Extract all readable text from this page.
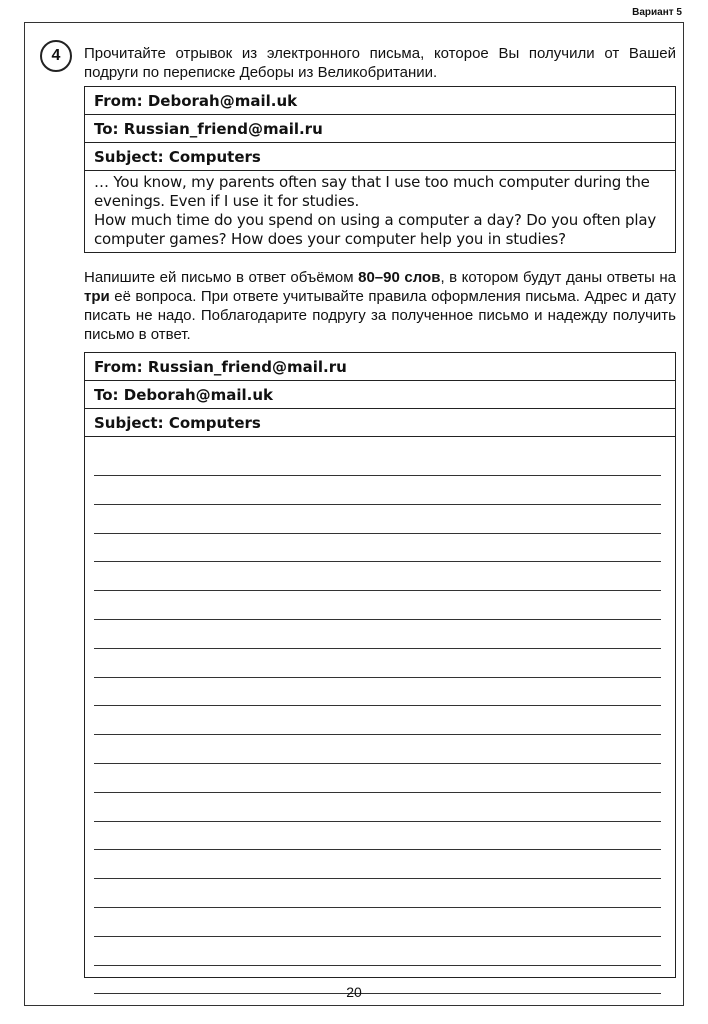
Вариант 5
4	Прочитайте отрывок из электронного письма, которое Вы получили от Вашей подруги по переписке Деборы из Великобритании.
From: Deborah@mail.uk
To: Russian_friend@mail.ru
Subject: Computers
… You know, my parents often say that I use too much computer during the
evenings. Even if I use it for studies.
How much time do you spend on using a computer a day? Do you often play
computer games? How does your computer help you in studies?
Напишите ей письмо в ответ объёмом 80–90 слов, в котором будут даны ответы на три её вопроса. При ответе учитывайте правила оформления письма. Адрес и дату писать не надо. Поблагодарите подругу за полученное письмо и надежду получить письмо в ответ.
From: Russian_friend@mail.ru
To: Deborah@mail.uk
Subject: Computers
20
